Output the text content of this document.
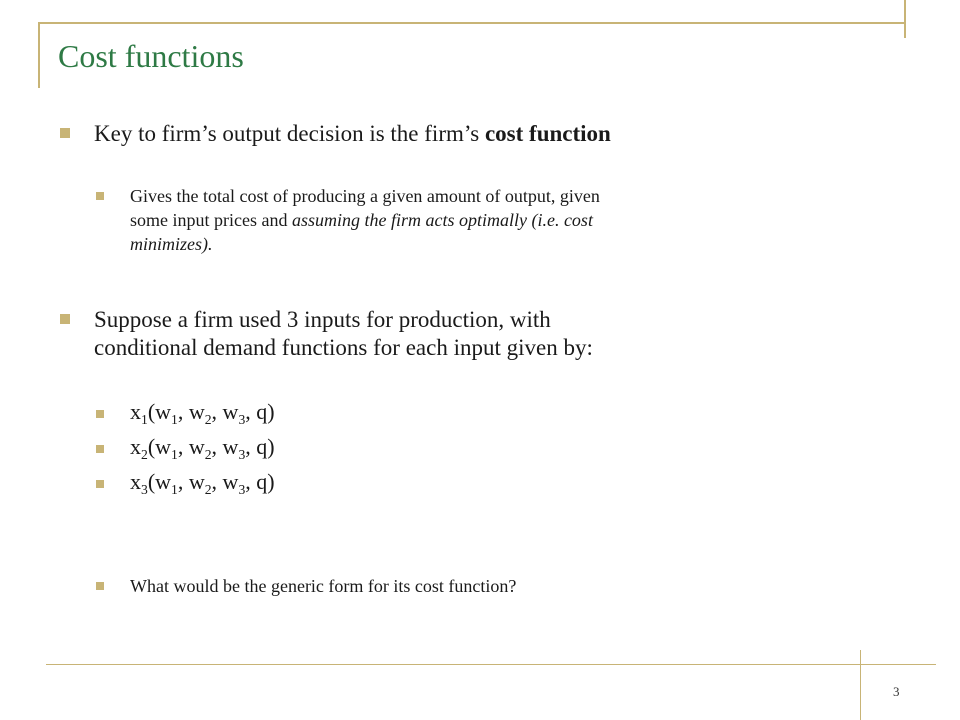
Cost functions
Key to firm’s output decision is the firm’s cost function
Gives the total cost of producing a given amount of output, given some input prices and assuming the firm acts optimally (i.e. cost minimizes).
Suppose a firm used 3 inputs for production, with conditional demand functions for each input given by:
$x_1(w_1$, $w_2$, $w_3$, q)
$x_2(w_1$, $w_2$, $w_3$, q)
$x_3(w_1$, $w_2$, $w_3$, q)
What would be the generic form for its cost function?
3
